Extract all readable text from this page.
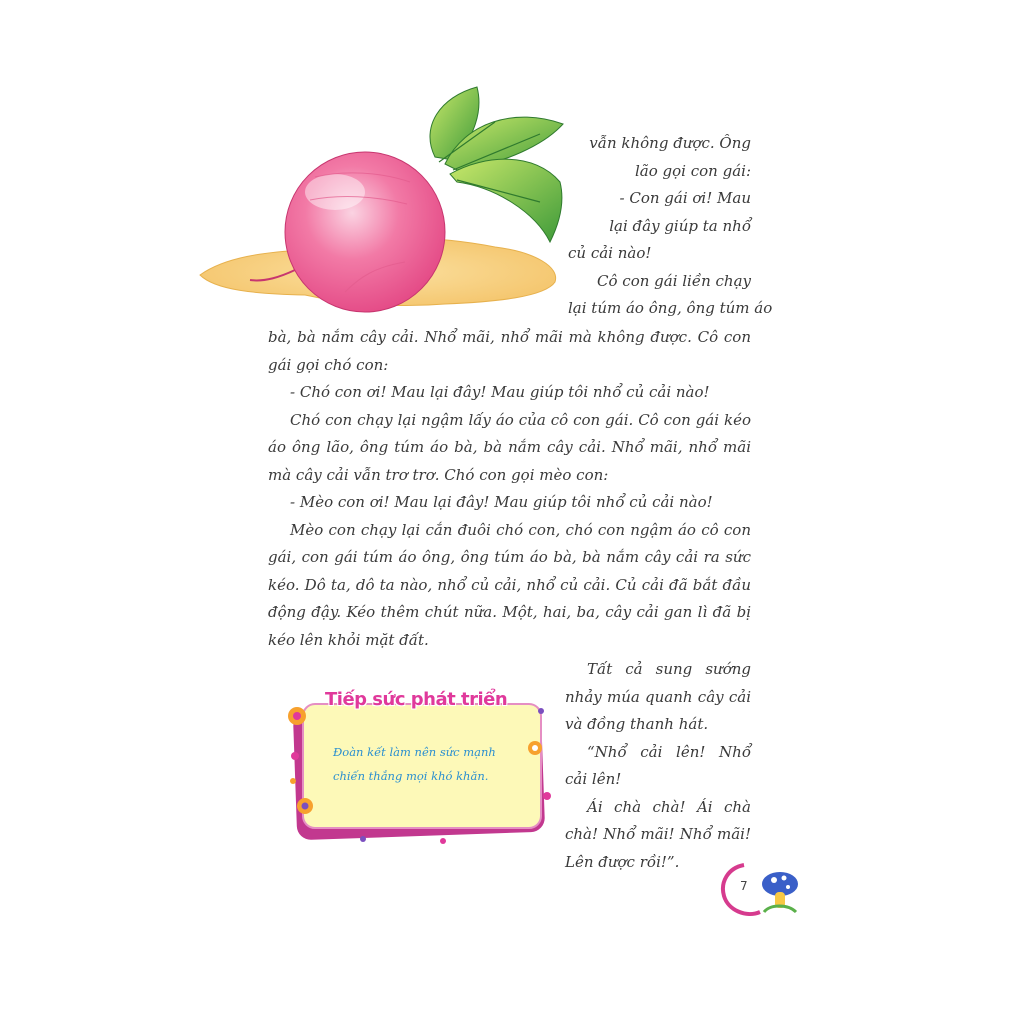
vẫn không được. Ông

lão gọi con gái:

- Con gái ơi! Mau

lại đây giúp ta nhổ

củ cải nào!

Cô con gái liền chạy

lại túm áo ông, ông túm áo

bà, bà nắm cây cải. Nhổ mãi, nhổ mãi mà không được. Cô con gái gọi chó con:

- Chó con ơi! Mau lại đây! Mau giúp tôi nhổ củ cải nào!

Chó con chạy lại ngậm lấy áo của cô con gái. Cô con gái kéo áo ông lão, ông túm áo bà, bà nắm cây cải. Nhổ mãi, nhổ mãi mà cây cải vẫn trơ trơ. Chó con gọi mèo con:

- Mèo con ơi! Mau lại đây! Mau giúp tôi nhổ củ cải nào!

Mèo con chạy lại cắn đuôi chó con, chó con ngậm áo cô con gái, con gái túm áo ông, ông túm áo bà, bà nắm cây cải ra sức kéo. Dô ta, dô ta nào, nhổ củ cải, nhổ củ cải. Củ cải đã bắt đầu động đậy. Kéo thêm chút nữa. Một, hai, ba, cây cải gan lì đã bị kéo lên khỏi mặt đất.

Tất cả sung sướng nhảy múa quanh cây cải và đồng thanh hát.

“Nhổ cải lên! Nhổ cải lên!

Ái chà chà! Ái chà chà! Nhổ mãi! Nhổ mãi! Lên được rồi!”.

Tiếp sức phát triển
Đoàn kết làm nên sức mạnh chiến thắng mọi khó khăn.
7
